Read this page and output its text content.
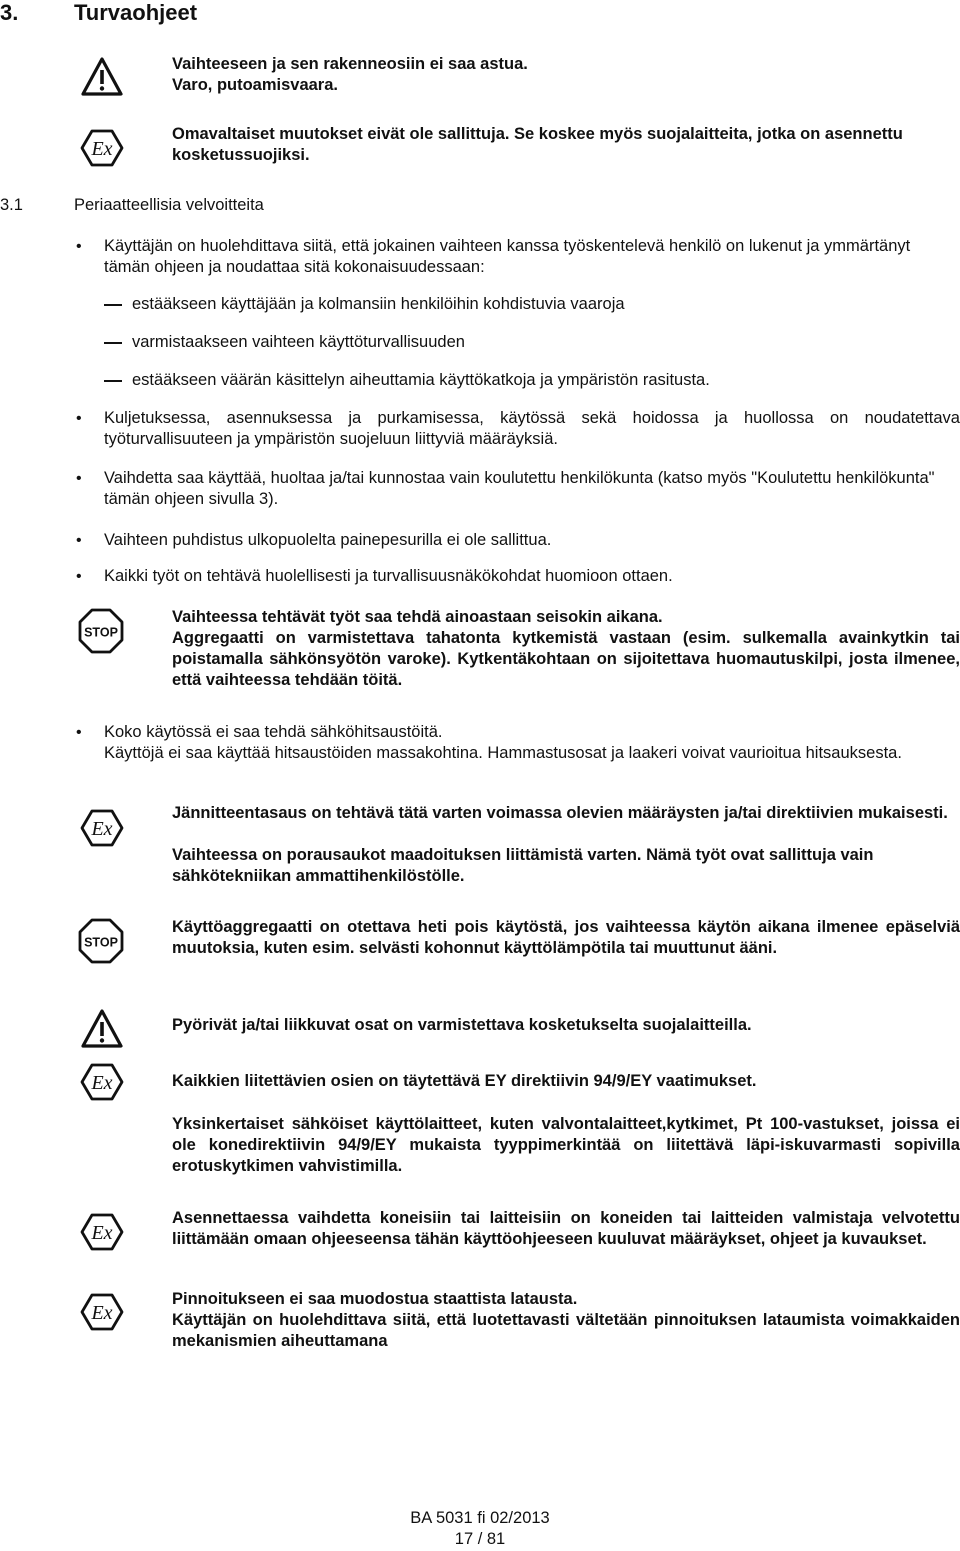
3.	Turvaohjeet
Vaihteeseen ja sen rakenneosiin ei saa astua.
Varo, putoamisvaara.
Ex
Omavaltaiset muutokset eivät ole sallittuja. Se koskee myös suojalaitteita, jotka on asennettu kosketussuojiksi.
3.1	Periaatteellisia velvoitteita
• Käyttäjän on huolehdittava siitä, että jokainen vaihteen kanssa työskentelevä henkilö on lukenut ja ymmärtänyt tämän ohjeen ja noudattaa sitä kokonaisuudessaan:
estääkseen käyttäjään ja kolmansiin henkilöihin kohdistuvia vaaroja
varmistaakseen vaihteen käyttöturvallisuuden
estääkseen väärän käsittelyn aiheuttamia käyttökatkoja ja ympäristön rasitusta.
• Kuljetuksessa, asennuksessa ja purkamisessa, käytössä sekä hoidossa ja huollossa on noudatettava työturvallisuuteen ja ympäristön suojeluun liittyviä määräyksiä.
• Vaihdetta saa käyttää, huoltaa ja/tai kunnostaa vain koulutettu henkilökunta (katso myös "Koulutettu henkilökunta" tämän ohjeen sivulla 3).
• Vaihteen puhdistus ulkopuolelta painepesurilla ei ole sallittua.
• Kaikki työt on tehtävä huolellisesti ja turvallisuusnäkökohdat huomioon ottaen.
STOP
Vaihteessa tehtävät työt saa tehdä ainoastaan seisokin aikana.
Aggregaatti on varmistettava tahatonta kytkemistä vastaan (esim. sulkemalla avainkytkin tai poistamalla sähkönsyötön varoke). Kytkentäkohtaan on sijoitettava huomautuskilpi, josta ilmenee, että vaihteessa tehdään töitä.
• Koko käytössä ei saa tehdä sähköhitsaustöitä.
Käyttöjä ei saa käyttää hitsaustöiden massakohtina. Hammastusosat ja laakeri voivat vaurioitua hitsauksesta.
Ex
Jännitteentasaus on tehtävä tätä varten voimassa olevien määräysten ja/tai direktiivien mukaisesti.
Vaihteessa on porausaukot maadoituksen liittämistä varten. Nämä työt ovat sallittuja vain sähkötekniikan ammattihenkilöstölle.
STOP
Käyttöaggregaatti on otettava heti pois käytöstä, jos vaihteessa käytön aikana ilmenee epäselviä muutoksia, kuten esim. selvästi kohonnut käyttölämpötila tai muuttunut ääni.
Pyörivät ja/tai liikkuvat osat on varmistettava kosketukselta suojalaitteilla.
Ex	Kaikkien liitettävien osien on täytettävä EY direktiivin 94/9/EY vaatimukset.
Yksinkertaiset sähköiset käyttölaitteet, kuten valvontalaitteet,kytkimet, Pt 100-vastukset, joissa ei ole konedirektiivin 94/9/EY mukaista tyyppimerkintää on liitettävä läpi-iskuvarmasti sopivilla erotuskytkimen vahvistimilla.
Ex
Asennettaessa vaihdetta koneisiin tai laitteisiin on koneiden tai laitteiden valmistaja velvotettu liittämään omaan ohjeeseensa tähän käyttöohjeeseen kuuluvat määräykset, ohjeet ja kuvaukset.
Ex
Pinnoitukseen ei saa muodostua staattista latausta.
Käyttäjän on huolehdittava siitä, että luotettavasti vältetään pinnoituksen lataumista voimakkaiden mekanismien aiheuttamana
BA 5031 fi 02/2013
17 / 81
